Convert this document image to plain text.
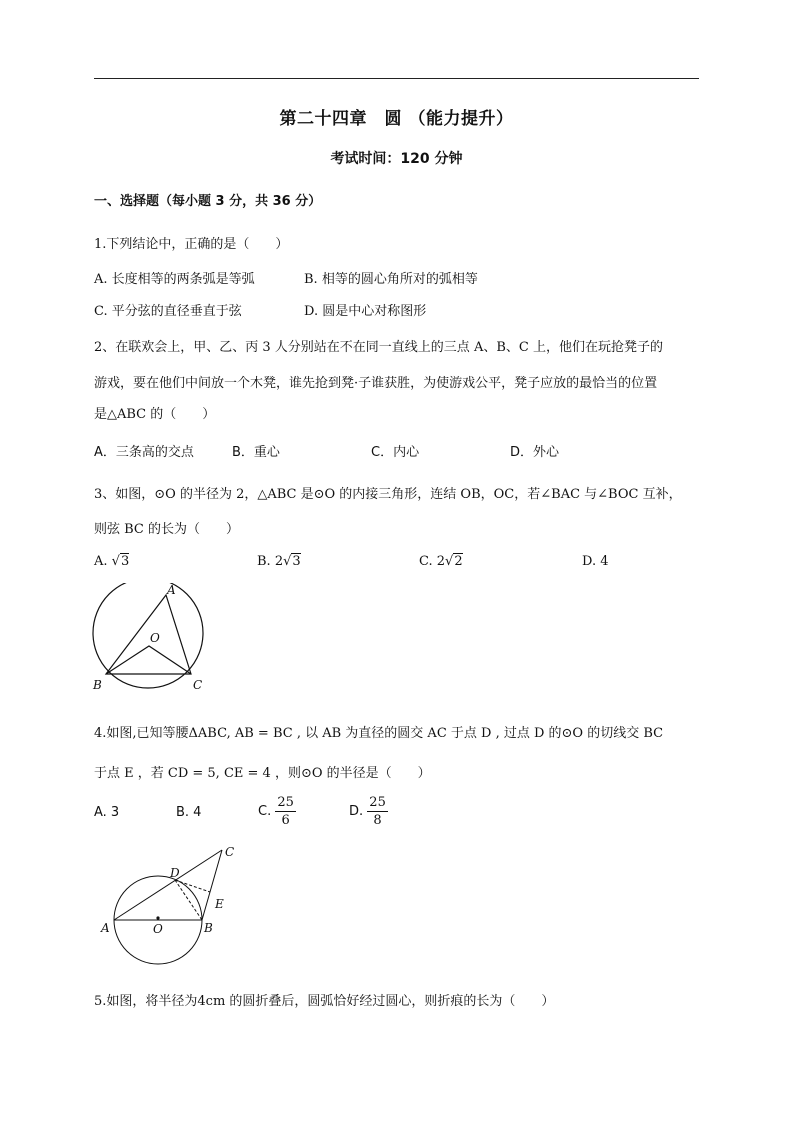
第二十四章　圆 （能力提升）
考试时间：120 分钟
一、选择题（每小题 3 分，共 36 分）
1.下列结论中，正确的是（　　）
A. 长度相等的两条弧是等弧	B. 相等的圆心角所对的弧相等
C. 平分弦的直径垂直于弦	D. 圆是中心对称图形
2、在联欢会上，甲、乙、丙 3 人分别站在不在同一直线上的三点 A、B、C 上，他们在玩抢凳子的
游戏，要在他们中间放一个木凳，谁先抢到凳·子谁获胜，为使游戏公平，凳子应放的最恰当的位置
是△ABC 的（　　）
A．三条高的交点	B．重心	C．内心	D．外心
3、如图，⊙O 的半径为 2，△ABC 是⊙O 的内接三角形，连结 OB，OC，若∠BAC 与∠BOC 互补，
则弦 BC 的长为（　　）
A. √3	B. 2√3	C. 2√2	D. 4
A
O
B	C
4.如图,已知等腰ΔABC, AB = BC , 以 AB 为直径的圆交 AC 于点 D , 过点 D 的⊙O 的切线交 BC
于点 E ，若 CD = 5, CE = 4 ，则⊙O 的半径是（　　）
A. 3	B. 4	C. $\frac{25}{6}$	D. $\frac{25}{8}$
C
D
E
A	O	B
5.如图，将半径为4cm 的圆折叠后，圆弧恰好经过圆心，则折痕的长为（　　）
